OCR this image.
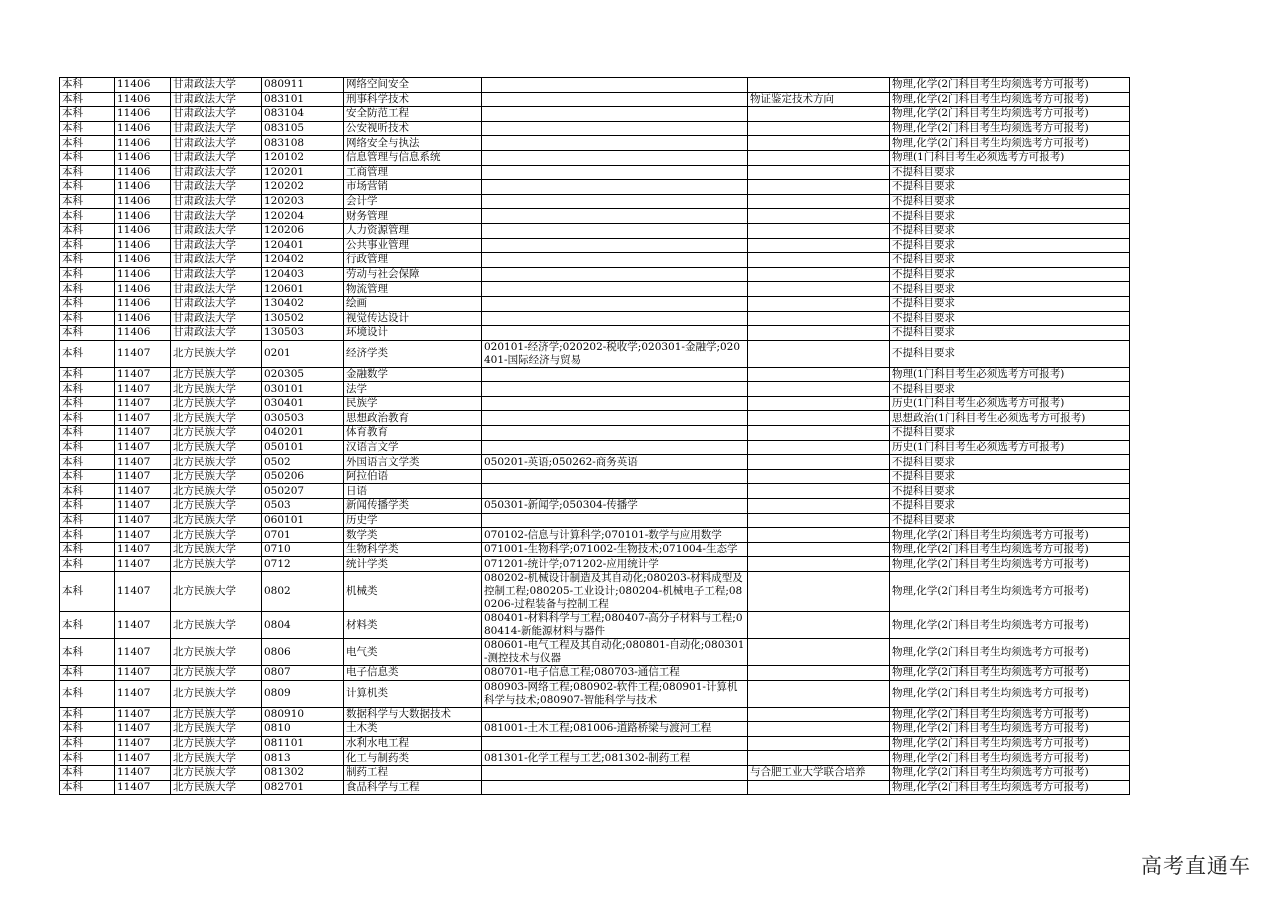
本科	11406	甘肃政法大学	080911	网络空间安全			物理,化学(2门科目考生均须选考方可报考)
本科	11406	甘肃政法大学	083101	刑事科学技术		物证鉴定技术方向	物理,化学(2门科目考生均须选考方可报考)
本科	11406	甘肃政法大学	083104	安全防范工程			物理,化学(2门科目考生均须选考方可报考)
本科	11406	甘肃政法大学	083105	公安视听技术			物理,化学(2门科目考生均须选考方可报考)
本科	11406	甘肃政法大学	083108	网络安全与执法			物理,化学(2门科目考生均须选考方可报考)
本科	11406	甘肃政法大学	120102	信息管理与信息系统			物理(1门科目考生必须选考方可报考)
本科	11406	甘肃政法大学	120201	工商管理			不提科目要求
本科	11406	甘肃政法大学	120202	市场营销			不提科目要求
本科	11406	甘肃政法大学	120203	会计学			不提科目要求
本科	11406	甘肃政法大学	120204	财务管理			不提科目要求
本科	11406	甘肃政法大学	120206	人力资源管理			不提科目要求
本科	11406	甘肃政法大学	120401	公共事业管理			不提科目要求
本科	11406	甘肃政法大学	120402	行政管理			不提科目要求
本科	11406	甘肃政法大学	120403	劳动与社会保障			不提科目要求
本科	11406	甘肃政法大学	120601	物流管理			不提科目要求
本科	11406	甘肃政法大学	130402	绘画			不提科目要求
本科	11406	甘肃政法大学	130502	视觉传达设计			不提科目要求
本科	11406	甘肃政法大学	130503	环境设计			不提科目要求
本科	11407	北方民族大学	0201	经济学类	020101-经济学;020202-税收学;020301-金融学;020401-国际经济与贸易		不提科目要求
本科	11407	北方民族大学	020305	金融数学			物理(1门科目考生必须选考方可报考)
本科	11407	北方民族大学	030101	法学			不提科目要求
本科	11407	北方民族大学	030401	民族学			历史(1门科目考生必须选考方可报考)
本科	11407	北方民族大学	030503	思想政治教育			思想政治(1门科目考生必须选考方可报考)
本科	11407	北方民族大学	040201	体育教育			不提科目要求
本科	11407	北方民族大学	050101	汉语言文学			历史(1门科目考生必须选考方可报考)
本科	11407	北方民族大学	0502	外国语言文学类	050201-英语;050262-商务英语		不提科目要求
本科	11407	北方民族大学	050206	阿拉伯语			不提科目要求
本科	11407	北方民族大学	050207	日语			不提科目要求
本科	11407	北方民族大学	0503	新闻传播学类	050301-新闻学;050304-传播学		不提科目要求
本科	11407	北方民族大学	060101	历史学			不提科目要求
本科	11407	北方民族大学	0701	数学类	070102-信息与计算科学;070101-数学与应用数学		物理,化学(2门科目考生均须选考方可报考)
本科	11407	北方民族大学	0710	生物科学类	071001-生物科学;071002-生物技术;071004-生态学		物理,化学(2门科目考生均须选考方可报考)
本科	11407	北方民族大学	0712	统计学类	071201-统计学;071202-应用统计学		物理,化学(2门科目考生均须选考方可报考)
本科	11407	北方民族大学	0802	机械类	080202-机械设计制造及其自动化;080203-材料成型及控制工程;080205-工业设计;080204-机械电子工程;080206-过程装备与控制工程		物理,化学(2门科目考生均须选考方可报考)
本科	11407	北方民族大学	0804	材料类	080401-材料科学与工程;080407-高分子材料与工程;080414-新能源材料与器件		物理,化学(2门科目考生均须选考方可报考)
本科	11407	北方民族大学	0806	电气类	080601-电气工程及其自动化;080801-自动化;080301-测控技术与仪器		物理,化学(2门科目考生均须选考方可报考)
本科	11407	北方民族大学	0807	电子信息类	080701-电子信息工程;080703-通信工程		物理,化学(2门科目考生均须选考方可报考)
本科	11407	北方民族大学	0809	计算机类	080903-网络工程;080902-软件工程;080901-计算机科学与技术;080907-智能科学与技术		物理,化学(2门科目考生均须选考方可报考)
本科	11407	北方民族大学	080910	数据科学与大数据技术			物理,化学(2门科目考生均须选考方可报考)
本科	11407	北方民族大学	0810	土木类	081001-土木工程;081006-道路桥梁与渡河工程		物理,化学(2门科目考生均须选考方可报考)
本科	11407	北方民族大学	081101	水利水电工程			物理,化学(2门科目考生均须选考方可报考)
本科	11407	北方民族大学	0813	化工与制药类	081301-化学工程与工艺;081302-制药工程		物理,化学(2门科目考生均须选考方可报考)
本科	11407	北方民族大学	081302	制药工程		与合肥工业大学联合培养	物理,化学(2门科目考生均须选考方可报考)
本科	11407	北方民族大学	082701	食品科学与工程			物理,化学(2门科目考生均须选考方可报考)
高考直通车
